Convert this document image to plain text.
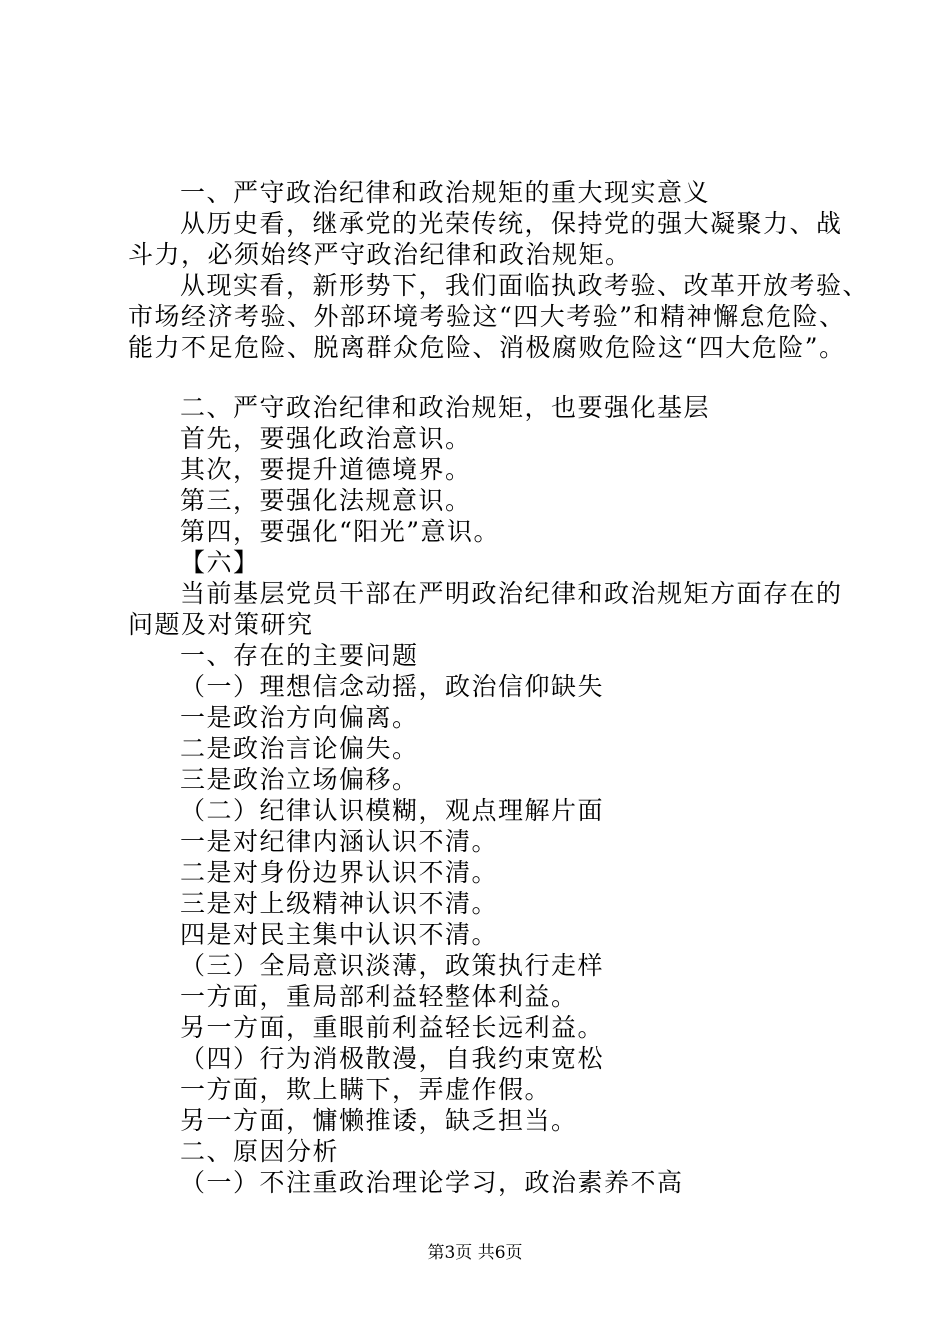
一、严守政治纪律和政治规矩的重大现实意义
从历史看，继承党的光荣传统，保持党的强大凝聚力、战
斗力，必须始终严守政治纪律和政治规矩。
从现实看，新形势下，我们面临执政考验、改革开放考验、
市场经济考验、外部环境考验这“四大考验”和精神懈怠危险、
能力不足危险、脱离群众危险、消极腐败危险这“四大危险”。
二、严守政治纪律和政治规矩，也要强化基层
首先，要强化政治意识。
其次，要提升道德境界。
第三，要强化法规意识。
第四，要强化“阳光”意识。
【六】
当前基层党员干部在严明政治纪律和政治规矩方面存在的
问题及对策研究
一、存在的主要问题
（一）理想信念动摇，政治信仰缺失
一是政治方向偏离。
二是政治言论偏失。
三是政治立场偏移。
（二）纪律认识模糊，观点理解片面
一是对纪律内涵认识不清。
二是对身份边界认识不清。
三是对上级精神认识不清。
四是对民主集中认识不清。
（三）全局意识淡薄，政策执行走样
一方面，重局部利益轻整体利益。
另一方面，重眼前利益轻长远利益。
（四）行为消极散漫，自我约束宽松
一方面，欺上瞒下，弄虚作假。
另一方面，慵懒推诿，缺乏担当。
二、原因分析
（一）不注重政治理论学习，政治素养不高
第3页 共6页
